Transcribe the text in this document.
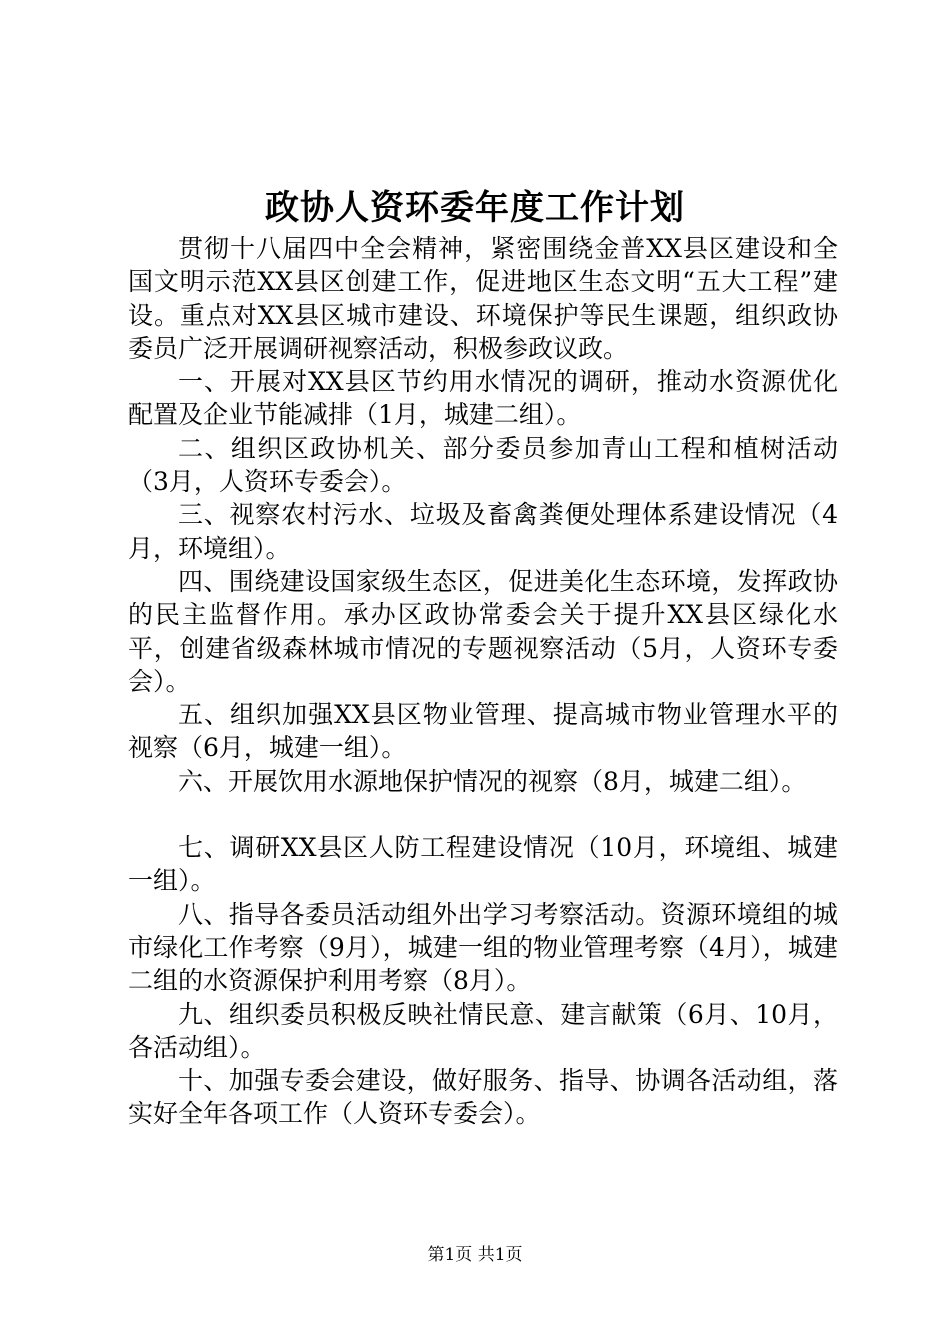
政协人资环委年度工作计划

贯彻十八届四中全会精神，紧密围绕金普XX县区建设和全国文明示范XX县区创建工作，促进地区生态文明“五大工程”建设。重点对XX县区城市建设、环境保护等民生课题，组织政协委员广泛开展调研视察活动，积极参政议政。

一、开展对XX县区节约用水情况的调研，推动水资源优化配置及企业节能减排（1月，城建二组）。

二、组织区政协机关、部分委员参加青山工程和植树活动（3月，人资环专委会）。

三、视察农村污水、垃圾及畜禽粪便处理体系建设情况（4月，环境组）。

四、围绕建设国家级生态区，促进美化生态环境，发挥政协的民主监督作用。承办区政协常委会关于提升XX县区绿化水平，创建省级森林城市情况的专题视察活动（5月，人资环专委会）。

五、组织加强XX县区物业管理、提高城市物业管理水平的视察（6月，城建一组）。

六、开展饮用水源地保护情况的视察（8月，城建二组）。

七、调研XX县区人防工程建设情况（10月，环境组、城建一组）。

八、指导各委员活动组外出学习考察活动。资源环境组的城市绿化工作考察（9月），城建一组的物业管理考察（4月），城建二组的水资源保护利用考察（8月）。

九、组织委员积极反映社情民意、建言献策（6月、10月，各活动组）。

十、加强专委会建设，做好服务、指导、协调各活动组，落实好全年各项工作（人资环专委会）。

第1页 共1页
